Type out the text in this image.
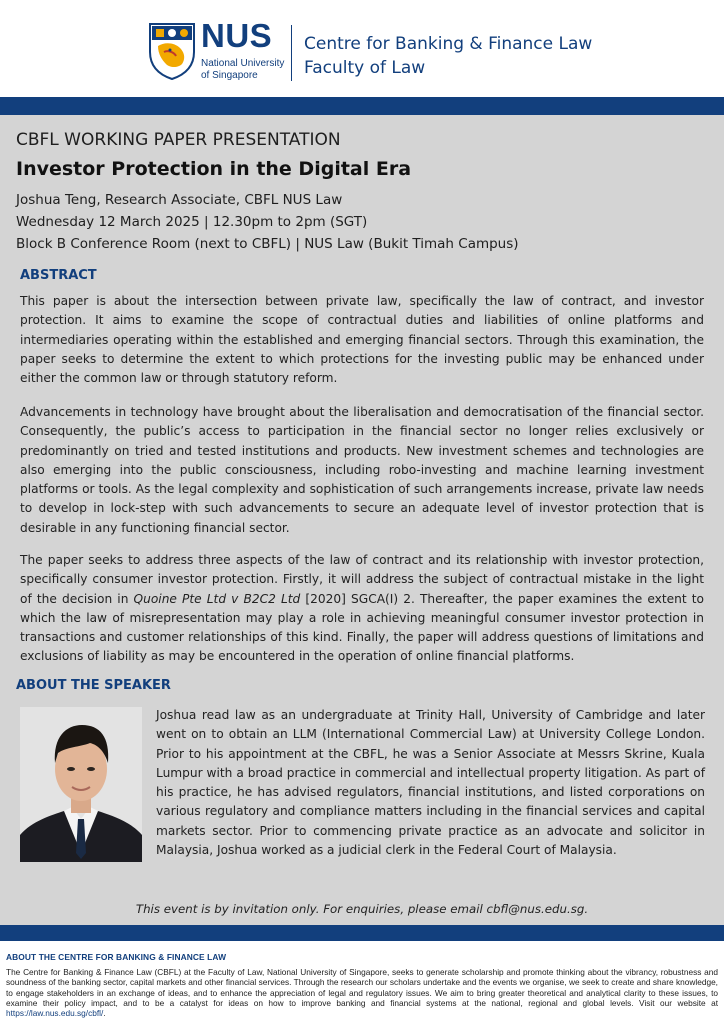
NUS
National University
of Singapore
Centre for Banking & Finance Law
Faculty of Law
CBFL WORKING PAPER PRESENTATION
Investor Protection in the Digital Era
Joshua Teng, Research Associate, CBFL NUS Law
Wednesday 12 March 2025 | 12.30pm to 2pm (SGT)
Block B Conference Room (next to CBFL) | NUS Law (Bukit Timah Campus)
ABSTRACT

This paper is about the intersection between private law, specifically the law of contract, and investor protection. It aims to examine the scope of contractual duties and liabilities of online platforms and intermediaries operating within the established and emerging financial sectors. Through this examination, the paper seeks to determine the extent to which protections for the investing public may be enhanced under either the common law or through statutory reform.

Advancements in technology have brought about the liberalisation and democratisation of the financial sector. Consequently, the public’s access to participation in the financial sector no longer relies exclusively or predominantly on tried and tested institutions and products. New investment schemes and technologies are also emerging into the public consciousness, including robo-investing and machine learning investment platforms or tools. As the legal complexity and sophistication of such arrangements increase, private law needs to develop in lock-step with such advancements to secure an adequate level of investor protection that is desirable in any functioning financial sector.

The paper seeks to address three aspects of the law of contract and its relationship with investor protection, specifically consumer investor protection. Firstly, it will address the subject of contractual mistake in the light of the decision in Quoine Pte Ltd v B2C2 Ltd [2020] SGCA(I) 2. Thereafter, the paper examines the extent to which the law of misrepresentation may play a role in achieving meaningful consumer investor protection in transactions and customer relationships of this kind. Finally, the paper will address questions of limitations and exclusions of liability as may be encountered in the operation of online financial platforms.

ABOUT THE SPEAKER

Joshua read law as an undergraduate at Trinity Hall, University of Cambridge and later went on to obtain an LLM (International Commercial Law) at University College London. Prior to his appointment at the CBFL, he was a Senior Associate at Messrs Skrine, Kuala Lumpur with a broad practice in commercial and intellectual property litigation. As part of his practice, he has advised regulators, financial institutions, and listed corporations on various regulatory and compliance matters including in the financial services and capital markets sector. Prior to commencing private practice as an advocate and solicitor in Malaysia, Joshua worked as a judicial clerk in the Federal Court of Malaysia.

This event is by invitation only. For enquiries, please email cbfl@nus.edu.sg.
ABOUT THE CENTRE FOR BANKING & FINANCE LAW

The Centre for Banking & Finance Law (CBFL) at the Faculty of Law, National University of Singapore, seeks to generate scholarship and promote thinking about the vibrancy, robustness and soundness of the banking sector, capital markets and other financial services. Through the research our scholars undertake and the events we organise, we seek to create and share knowledge, to engage stakeholders in an exchange of ideas, and to enhance the appreciation of legal and regulatory issues. We aim to bring greater theoretical and analytical clarity to these issues, to examine their policy impact, and to be a catalyst for ideas on how to improve banking and financial systems at the national, regional and global levels. Visit our website at https://law.nus.edu.sg/cbfl/.
